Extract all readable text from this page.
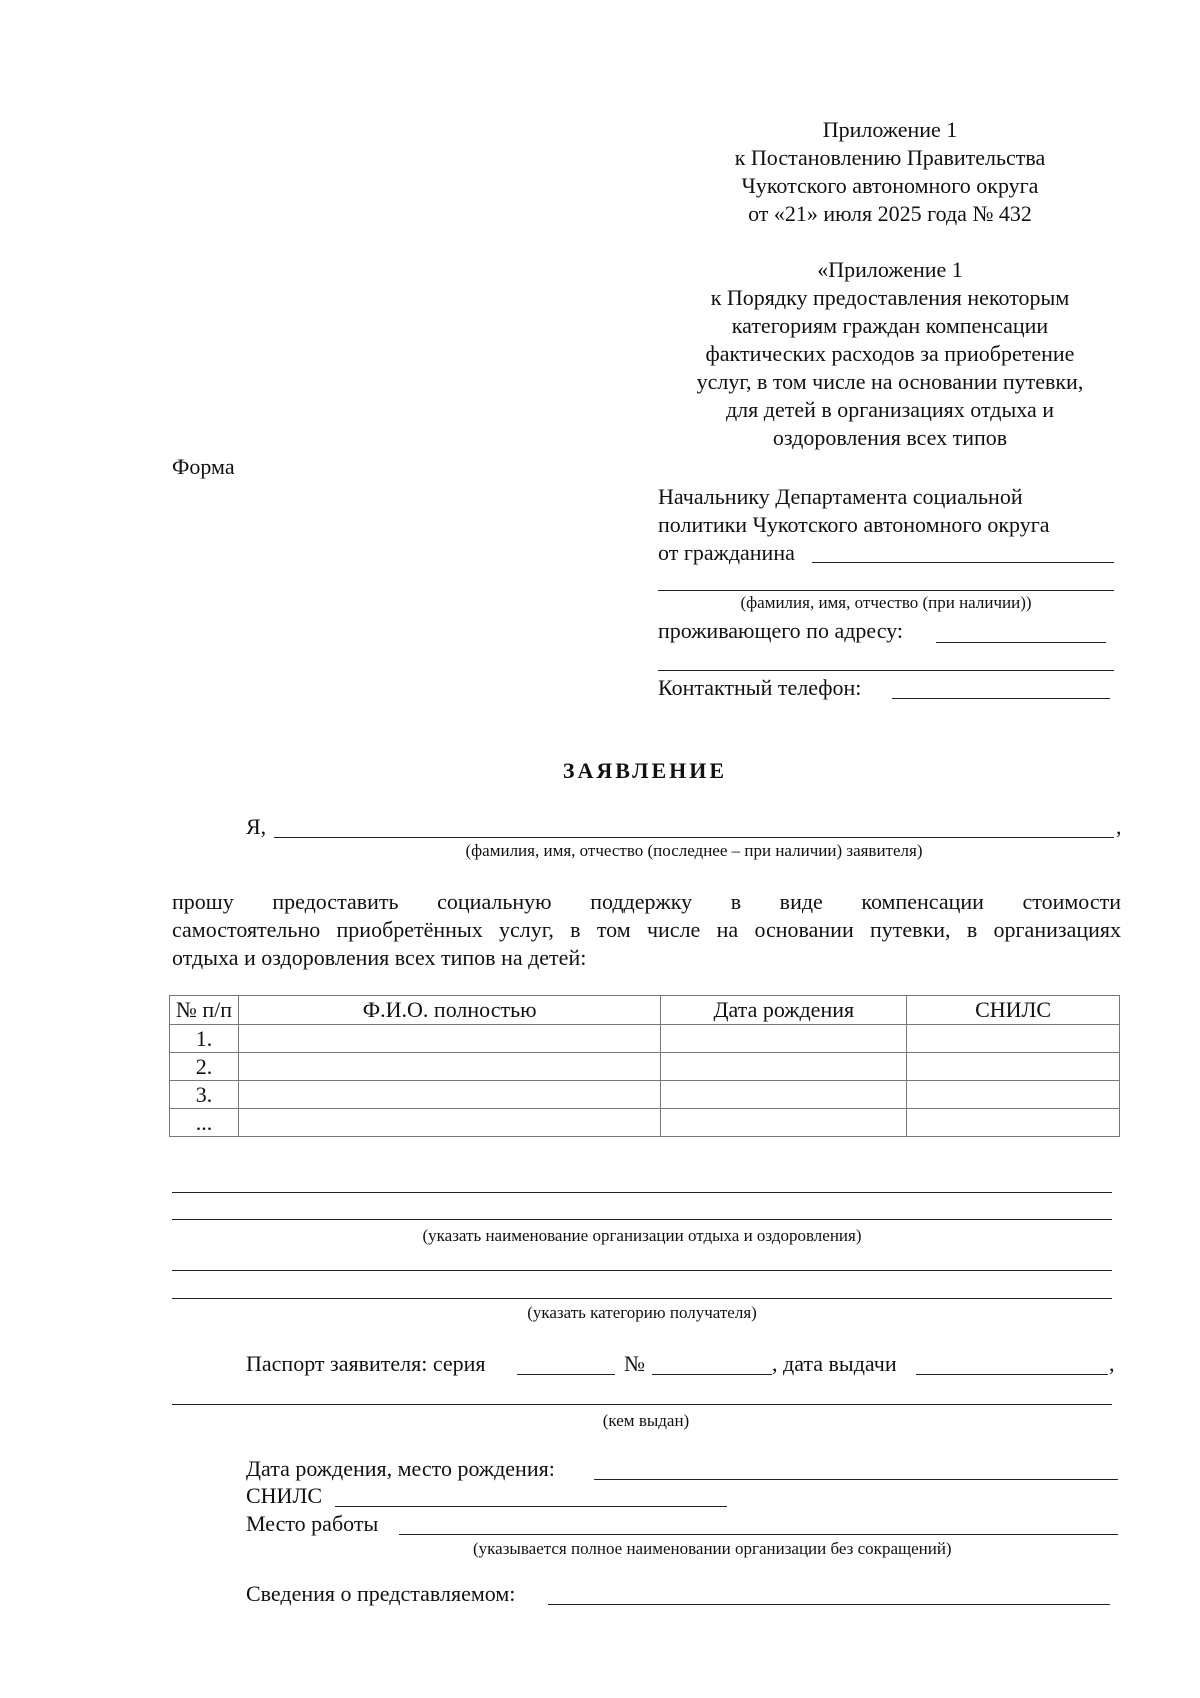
Приложение 1
к Постановлению Правительства
Чукотского автономного округа
от «21» июля 2025 года № 432
«Приложение 1
к Порядку предоставления некоторым
категориям граждан компенсации
фактических расходов за приобретение
услуг, в том числе на основании путевки,
для детей в организациях отдыха и
оздоровления всех типов
Форма
Начальнику Департамента социальной
политики Чукотского автономного округа
от гражданина
(фамилия, имя, отчество (при наличии))
проживающего по адресу:
Контактный телефон:
ЗАЯВЛЕНИЕ
Я,	,
(фамилия, имя, отчество (последнее – при наличии) заявителя)
прошу предоставить социальную поддержку в виде компенсации стоимости
самостоятельно приобретённых услуг, в том числе на основании путевки, в организациях
отдыха и оздоровления всех типов на детей:
№ п/п	Ф.И.О. полностью	Дата рождения	СНИЛС
1.			
2.			
3.			
...			
(указать наименование организации отдыха и оздоровления)
(указать категорию получателя)
Паспорт заявителя: серия	№	, дата выдачи	,
(кем выдан)
Дата рождения, место рождения:
СНИЛС
Место работы
(указывается полное наименовании организации без сокращений)
Сведения о представляемом:
